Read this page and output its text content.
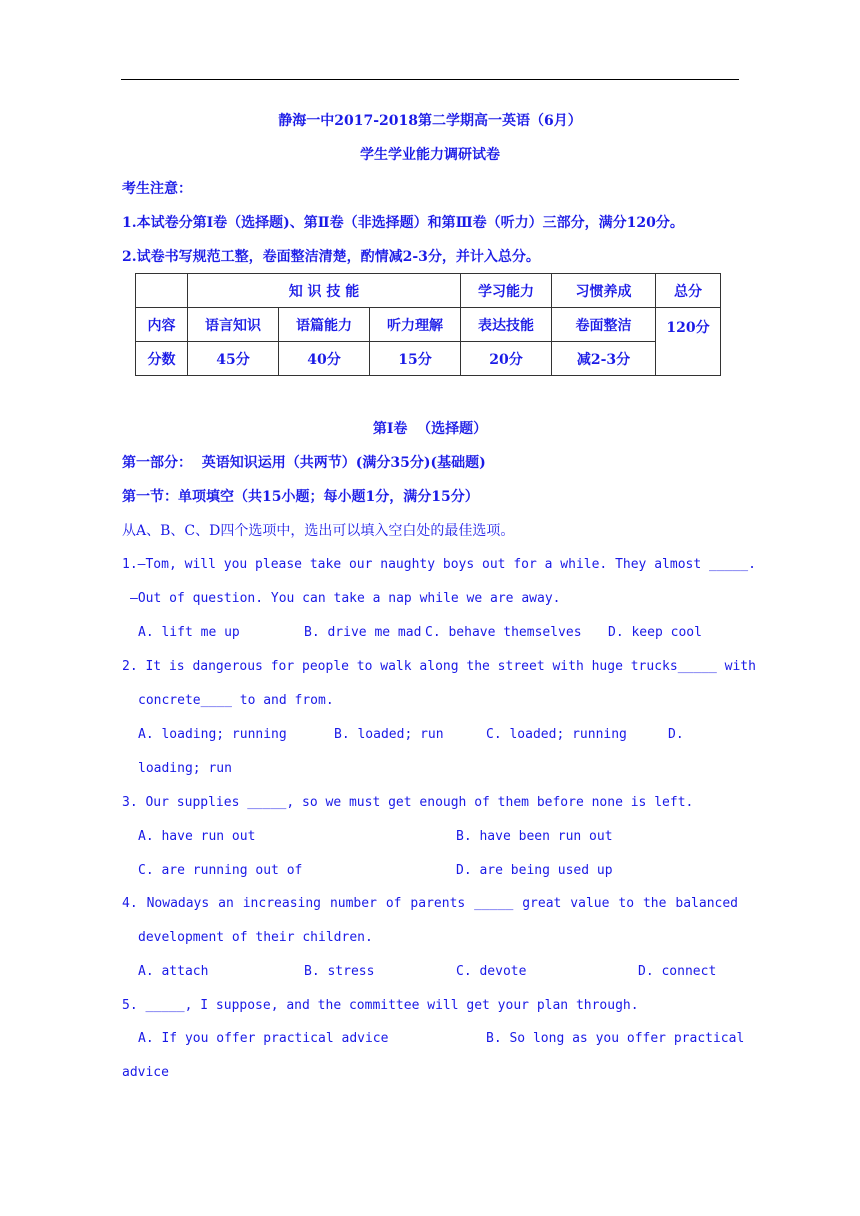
静海一中2017-2018第二学期高一英语（6月）
学生学业能力调研试卷
考生注意：
1.本试卷分第Ⅰ卷（选择题)、第Ⅱ卷（非选择题）和第Ⅲ卷（听力）三部分，满分120分。
2.试卷书写规范工整，卷面整洁清楚，酌情减2-3分，并计入总分。
	知 识 技 能			学习能力	习惯养成	总分
内容	语言知识	语篇能力	听力理解	表达技能	卷面整洁	120分
分数	45分	40分	15分	20分	减2-3分	
第Ⅰ卷  （选择题）
第一部分：  英语知识运用（共两节）(满分35分)(基础题)
第一节：单项填空（共15小题；每小题1分，满分15分）
从A、B、C、D四个选项中，选出可以填入空白处的最佳选项。
1.—Tom, will you please take our naughty boys out for a while. They almost _____.
—Out of question. You can take a nap while we are away.
A. lift me up	B. drive me mad C. behave themselves D. keep cool
2. It is dangerous for people to walk along the street with huge trucks_____ with
concrete____ to and from.
A. loading; running	B. loaded; run	C. loaded; running	D.
loading; run
3. Our supplies _____, so we must get enough of them before none is left.
A. have run out	B. have been run out
C. are running out of	D. are being used up
4. Nowadays an increasing number of parents _____ great value to the balanced
development of their children.
A. attach	B. stress	C. devote	D. connect
5. _____, I suppose, and the committee will get your plan through.
A. If you offer practical advice	B. So long as you offer practical
advice
